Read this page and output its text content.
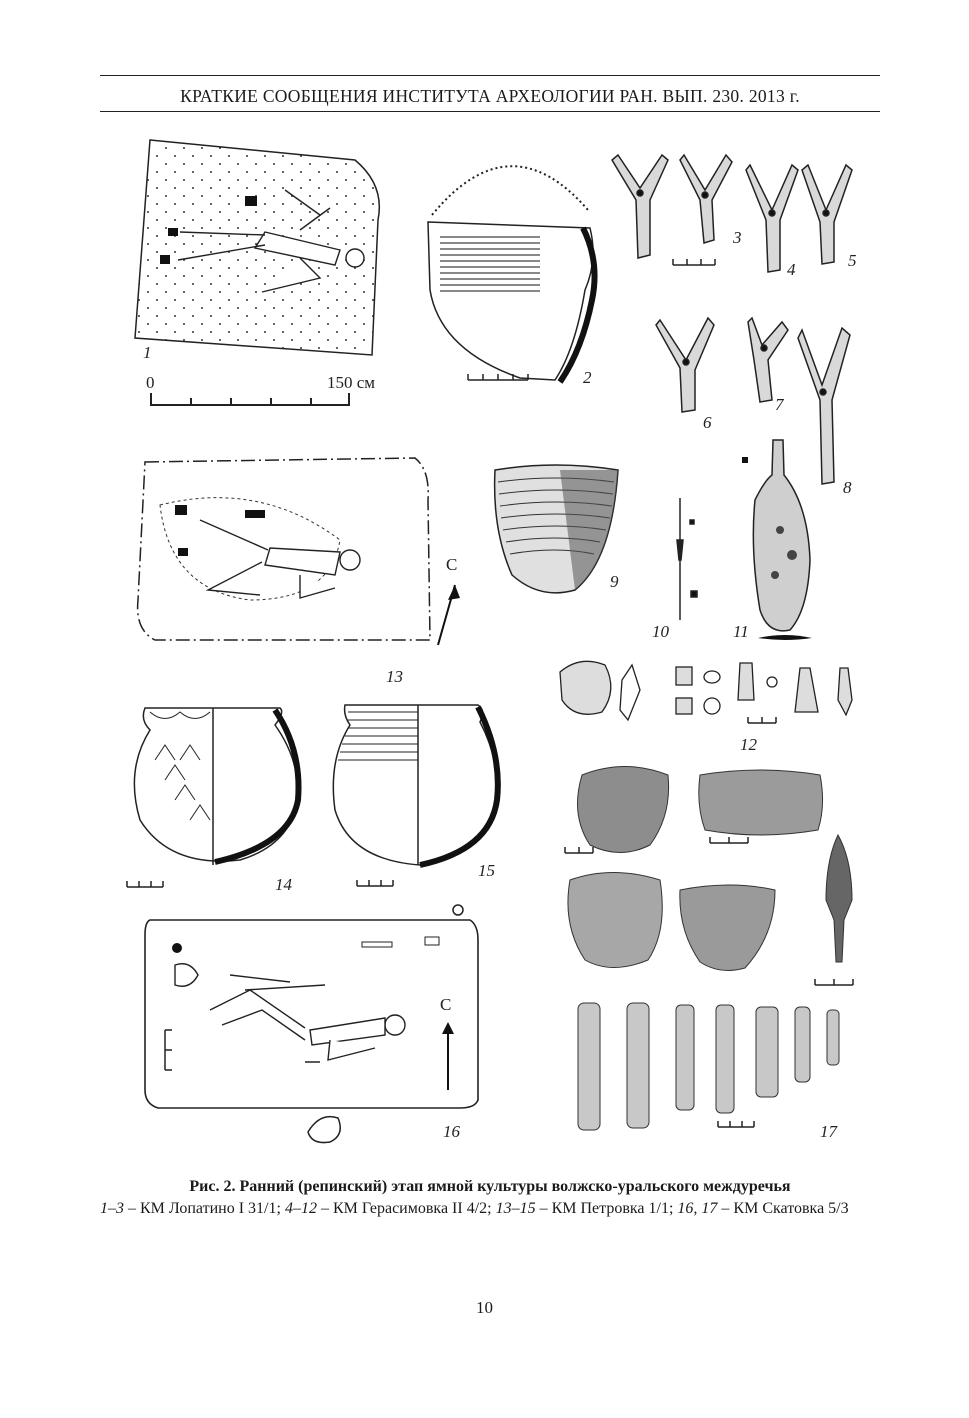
КРАТКИЕ СООБЩЕНИЯ ИНСТИТУТА АРХЕОЛОГИИ РАН. ВЫП. 230. 2013 г.
1
0	150 см	2
3
4	5
6
7
8
С
13
9
10	11
12
14
15
С
16	17
Рис. 2. Ранний (репинский) этап ямной культуры волжско-уральского междуречья
1–3 – КМ Лопатино I 31/1; 4–12 – КМ Герасимовка II 4/2; 13–15 – КМ Петровка 1/1; 16, 17 – КМ Скатовка 5/3
10
